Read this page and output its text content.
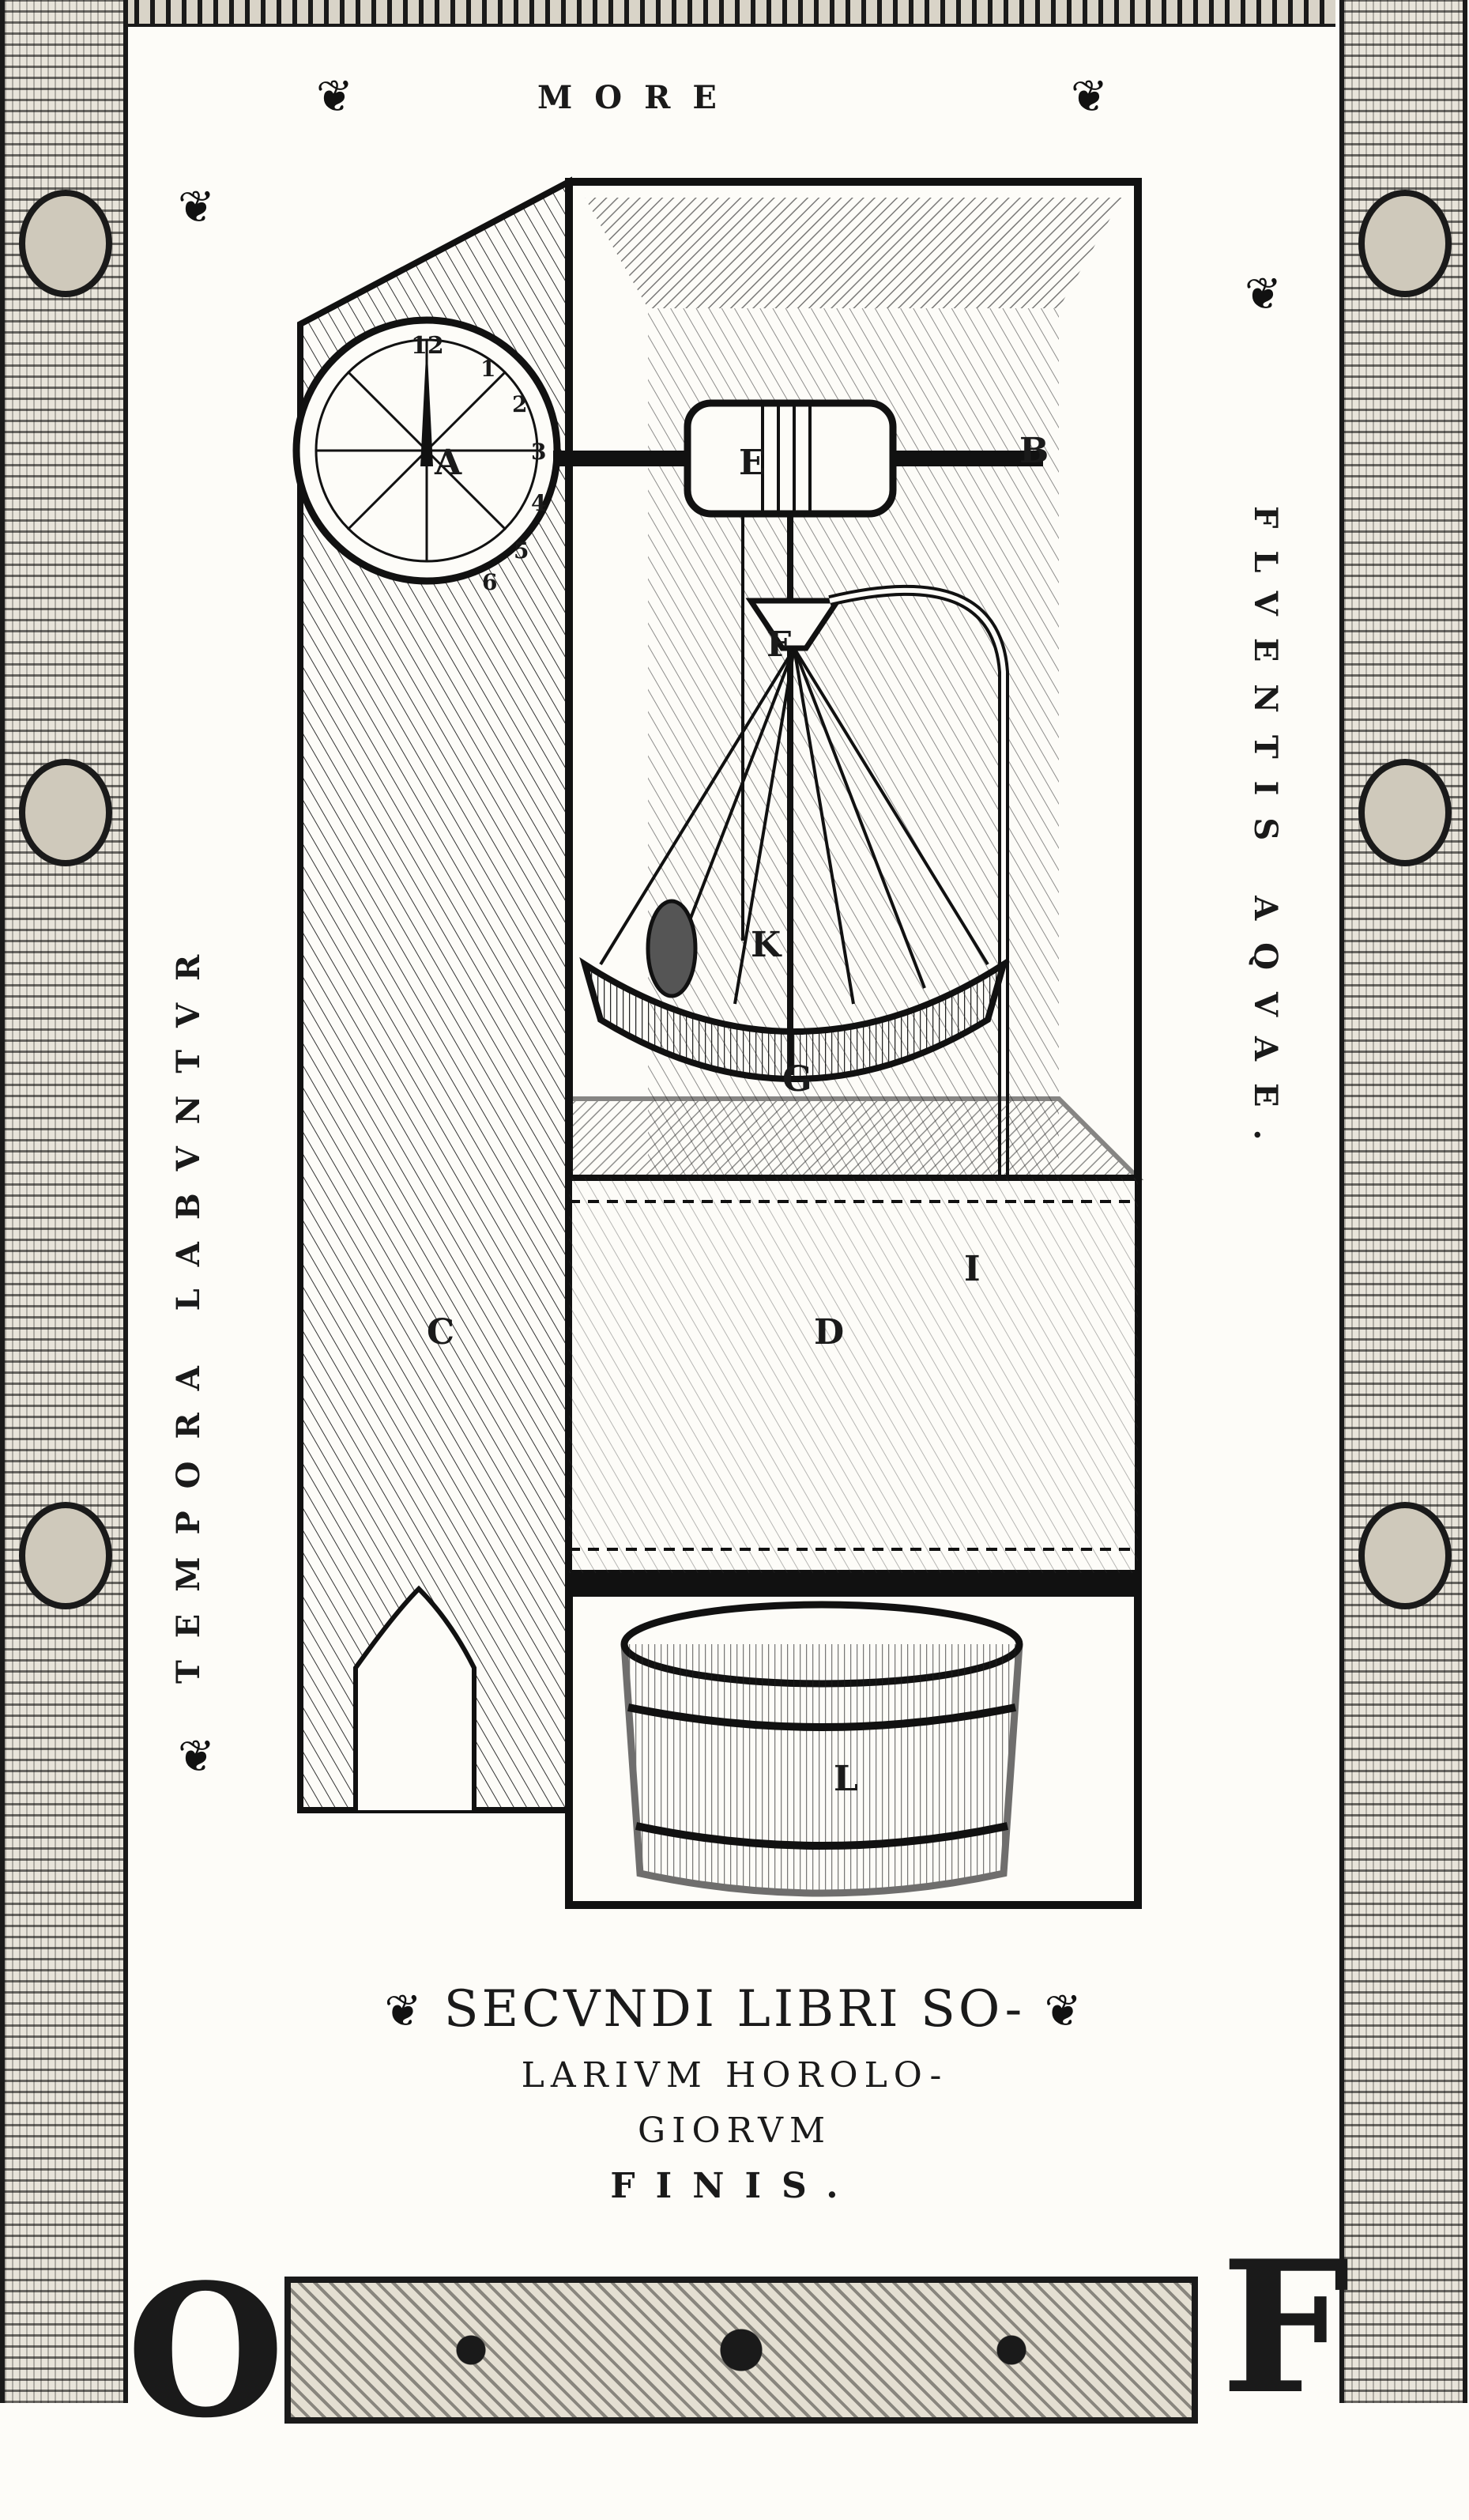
MORE
❦	❦
TEMPORA LABVNTVR
FLVENTIS AQVAE.
❦
❦
❦
E	B
A
F
K
G
I
D
C
L
12
1
2
3
4
5
6
❦ SECVNDI LIBRI SO- ❦
LARIVM HOROLO-
GIORVM
FINIS.
O	F
